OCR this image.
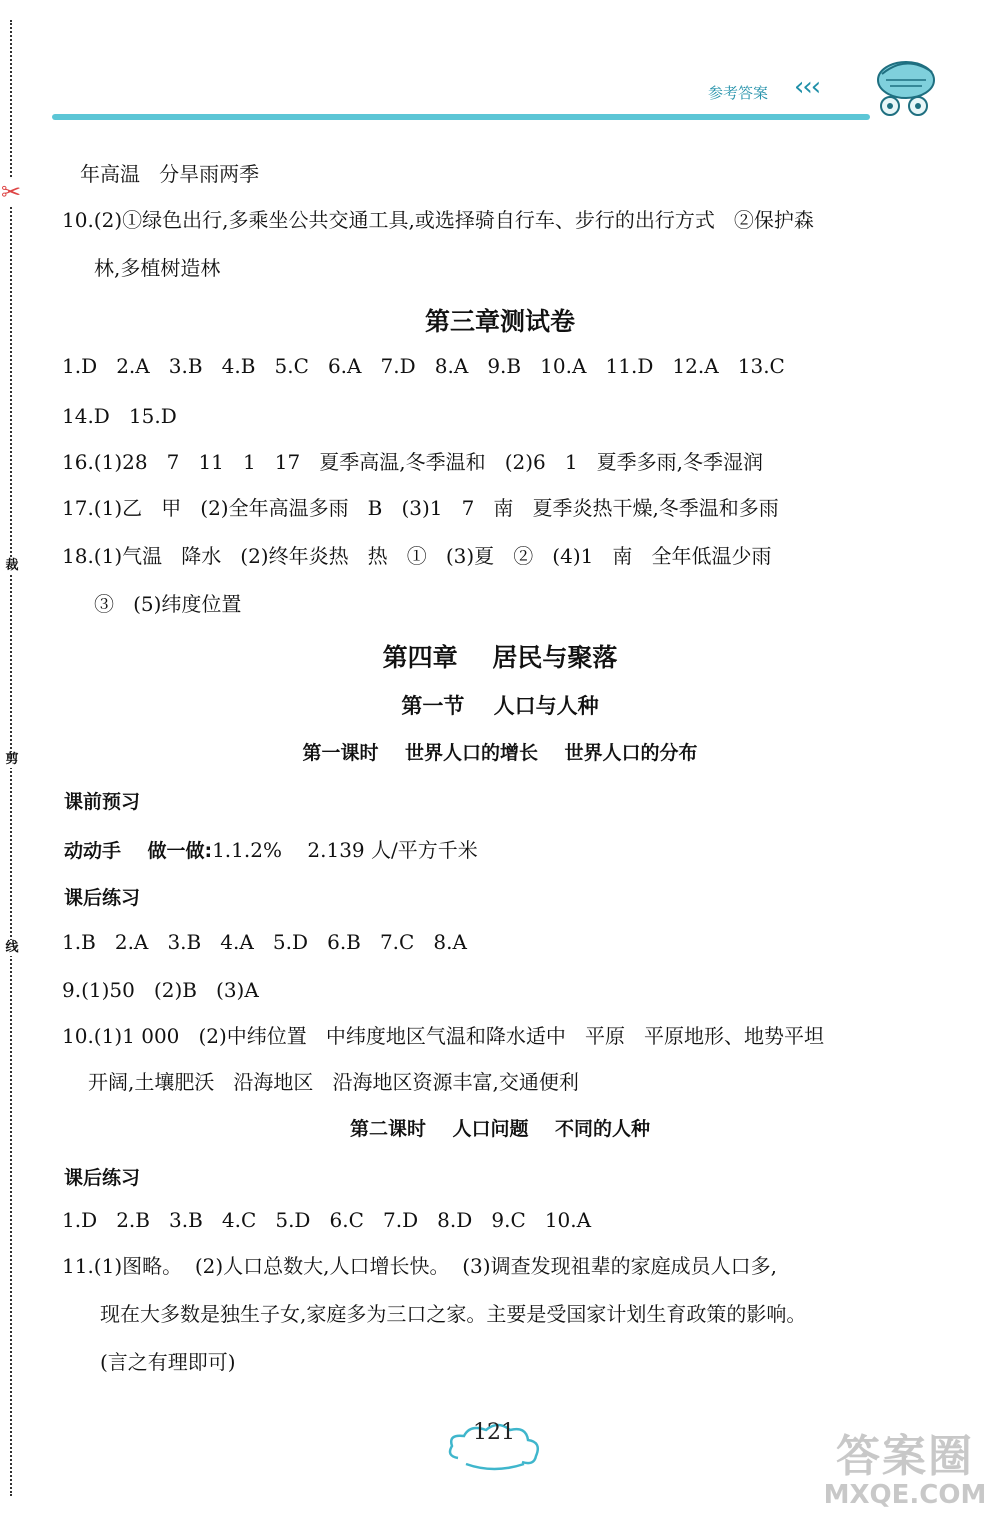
✂
裁
剪
线
参考答案 ‹‹‹
年高温   分旱雨两季
10.(2)①绿色出行,多乘坐公共交通工具,或选择骑自行车、步行的出行方式   ②保护森
林,多植树造林
第三章测试卷
1.D   2.A   3.B   4.B   5.C   6.A   7.D   8.A   9.B   10.A   11.D   12.A   13.C
14.D   15.D
16.(1)28   7   11   1   17   夏季高温,冬季温和   (2)6   1   夏季多雨,冬季湿润
17.(1)乙   甲   (2)全年高温多雨   B   (3)1   7   南   夏季炎热干燥,冬季温和多雨
18.(1)气温   降水   (2)终年炎热   热   ①   (3)夏   ②   (4)1   南   全年低温少雨
③   (5)纬度位置
第四章    居民与聚落
第一节    人口与人种
第一课时    世界人口的增长    世界人口的分布
课前预习
动动手    做一做:1.1.2%    2.139 人/平方千米
课后练习
1.B   2.A   3.B   4.A   5.D   6.B   7.C   8.A
9.(1)50   (2)B   (3)A
10.(1)1 000   (2)中纬位置   中纬度地区气温和降水适中   平原   平原地形、地势平坦
开阔,土壤肥沃   沿海地区   沿海地区资源丰富,交通便利
第二课时    人口问题    不同的人种
课后练习
1.D   2.B   3.B   4.C   5.D   6.C   7.D   8.D   9.C   10.A
11.(1)图略。  (2)人口总数大,人口增长快。  (3)调查发现祖辈的家庭成员人口多,
现在大多数是独生子女,家庭多为三口之家。主要是受国家计划生育政策的影响。
(言之有理即可)
121	答案圈
MXQE.COM
